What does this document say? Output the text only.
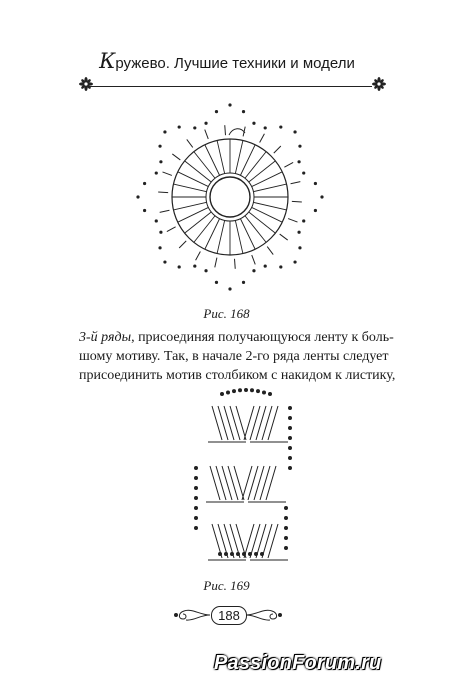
Кружево. Лучшие техники и модели
Рис. 168
3-й ряды, присоединяя получающуюся ленту к боль-
шому мотиву. Так, в начале 2-го ряда ленты следует
присоединить мотив столбиком с накидом к листику,
Рис. 169
188
PassionForum.ru
